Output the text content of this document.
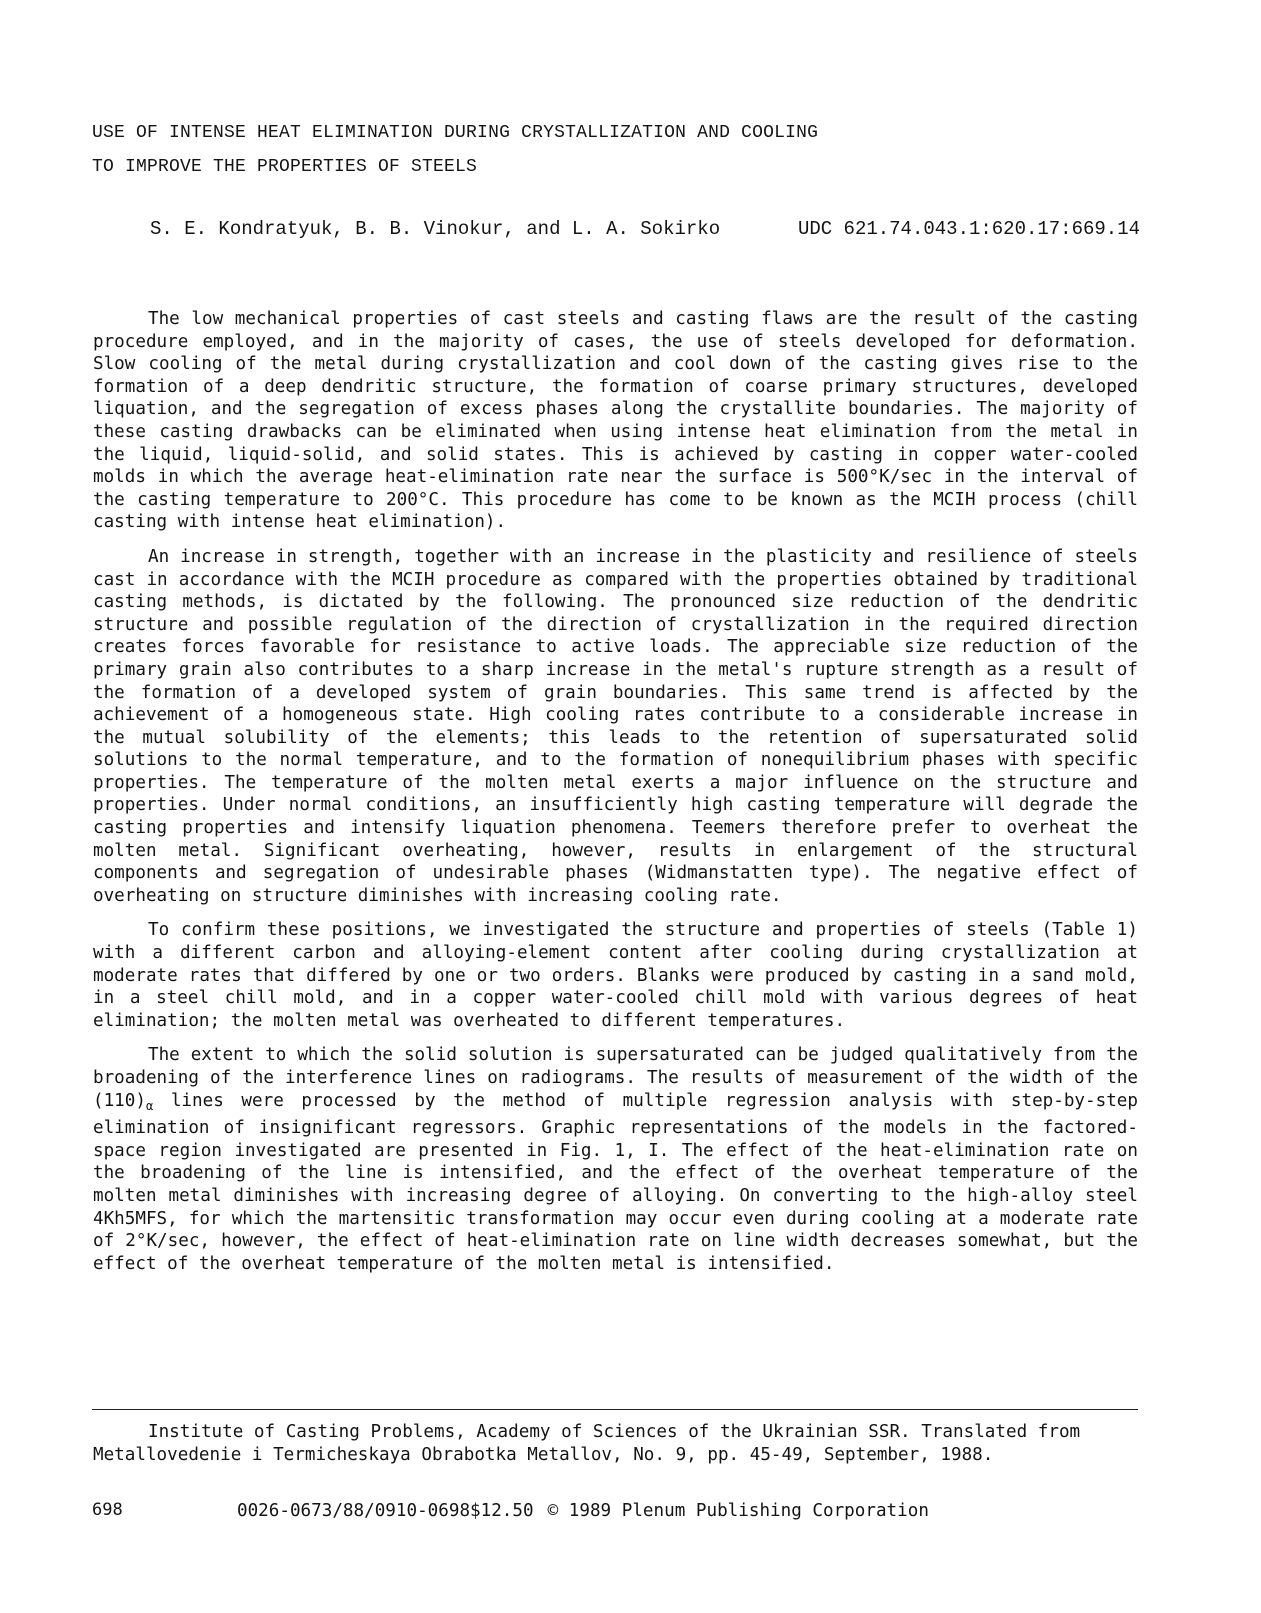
USE OF INTENSE HEAT ELIMINATION DURING CRYSTALLIZATION AND COOLING
TO IMPROVE THE PROPERTIES OF STEELS
S. E. Kondratyuk, B. B. Vinokur, and L. A. Sokirko	UDC 621.74.043.1:620.17:669.14

The low mechanical properties of cast steels and casting flaws are the result of the casting procedure employed, and in the majority of cases, the use of steels developed for deformation. Slow cooling of the metal during crystallization and cool down of the casting gives rise to the formation of a deep dendritic structure, the formation of coarse primary structures, developed liquation, and the segregation of excess phases along the crystallite boundaries. The majority of these casting drawbacks can be eliminated when using intense heat elimination from the metal in the liquid, liquid-solid, and solid states. This is achieved by casting in copper water-cooled molds in which the average heat-elimination rate near the surface is 500°K/sec in the interval of the casting temperature to 200°C. This procedure has come to be known as the MCIH process (chill casting with intense heat elimination).

An increase in strength, together with an increase in the plasticity and resilience of steels cast in accordance with the MCIH procedure as compared with the properties obtained by traditional casting methods, is dictated by the following. The pronounced size reduction of the dendritic structure and possible regulation of the direction of crystallization in the required direction creates forces favorable for resistance to active loads. The appreciable size reduction of the primary grain also contributes to a sharp increase in the metal's rupture strength as a result of the formation of a developed system of grain boundaries. This same trend is affected by the achievement of a homogeneous state. High cooling rates contribute to a considerable increase in the mutual solubility of the elements; this leads to the retention of supersaturated solid solutions to the normal temperature, and to the formation of nonequilibrium phases with specific properties. The temperature of the molten metal exerts a major influence on the structure and properties. Under normal conditions, an insufficiently high casting temperature will degrade the casting properties and intensify liquation phenomena. Teemers therefore prefer to overheat the molten metal. Significant overheating, however, results in enlargement of the structural components and segregation of undesirable phases (Widmanstatten type). The negative effect of overheating on structure diminishes with increasing cooling rate.

To confirm these positions, we investigated the structure and properties of steels (Table 1) with a different carbon and alloying-element content after cooling during crystallization at moderate rates that differed by one or two orders. Blanks were produced by casting in a sand mold, in a steel chill mold, and in a copper water-cooled chill mold with various degrees of heat elimination; the molten metal was overheated to different temperatures.

The extent to which the solid solution is supersaturated can be judged qualitatively from the broadening of the interference lines on radiograms. The results of measurement of the width of the $(110)_\alpha$ lines were processed by the method of multiple regression analysis with step-by-step elimination of insignificant regressors. Graphic representations of the models in the factored-space region investigated are presented in Fig. 1, I. The effect of the heat-elimination rate on the broadening of the line is intensified, and the effect of the overheat temperature of the molten metal diminishes with increasing degree of alloying. On converting to the high-alloy steel 4Kh5MFS, for which the martensitic transformation may occur even during cooling at a moderate rate of 2°K/sec, however, the effect of heat-elimination rate on line width decreases somewhat, but the effect of the overheat temperature of the molten metal is intensified.

Institute of Casting Problems, Academy of Sciences of the Ukrainian SSR. Translated from Metallovedenie i Termicheskaya Obrabotka Metallov, No. 9, pp. 45-49, September, 1988.

698	0026-0673/88/0910-0698$12.50 © 1989 Plenum Publishing Corporation
